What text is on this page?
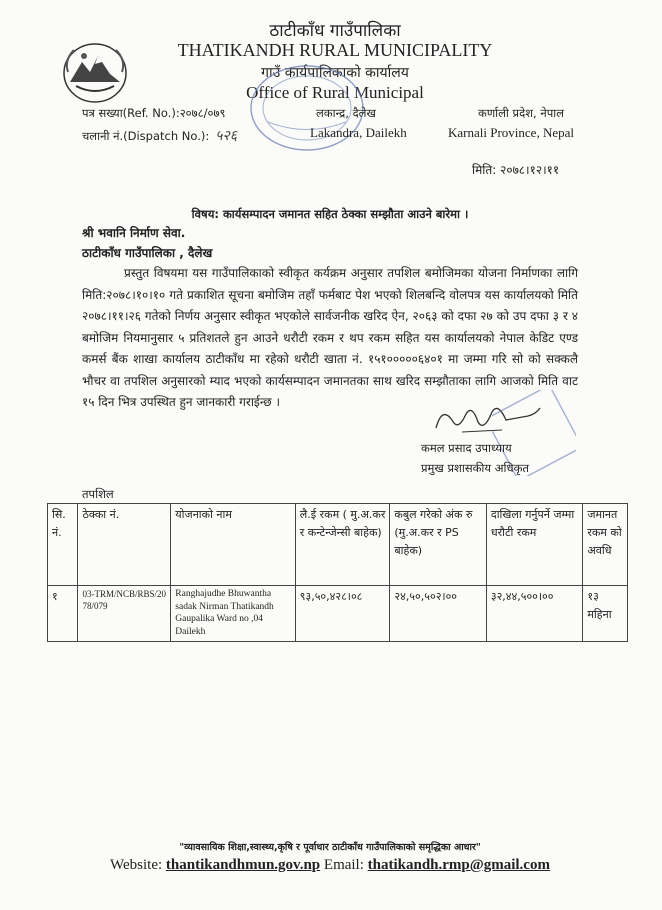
ठाटीकाँध गाउँपालिका
THATIKANDH RURAL MUNICIPALITY
गाउँ कार्यपालिकाको कार्यालय
Office of Rural Municipal
पत्र सख्या(Ref. No.):२०७८/०७९
चलानी नं.(Dispatch No.): ५२६
लकान्द्र, दैलेख
Lakandra, Dailekh
कर्णाली प्रदेश, नेपाल
Karnali Province, Nepal
मिति: २०७८।१२।११
विषय: कार्यसम्पादन जमानत सहित ठेक्का सम्झौता आउने बारेमा ।
श्री भवानि निर्माण सेवा.
ठाटीकाँध गाउँपालिका , दैलेख
प्रस्तुत विषयमा यस गाउँपालिकाको स्वीकृत कर्यक्रम अनुसार तपशिल बमोजिमका योजना निर्माणका लागि मिति:२०७८।१०।१० गते प्रकाशित सूचना बमोजिम तहाँ फर्मबाट पेश भएको शिलबन्दि वोलपत्र यस कार्यालयको मिति २०७८।११।२६ गतेको निर्णय अनुसार स्वीकृत भएकोले सार्वजनीक खरिद ऐन, २०६३ को दफा २७ को उप दफा ३ र ४ बमोजिम नियमानुसार ५ प्रतिशतले हुन आउने धरौटी रकम र थप रकम सहित यस कार्यालयको नेपाल केडिट एण्ड कमर्स बैंक शाखा कार्यालय ठाटीकाँध मा रहेको धरौटी खाता नं. १५१०००००६४०१ मा जम्मा गरि सो को सक्कलै भौचर वा तपशिल अनुसारको म्याद भएको कार्यसम्पादन जमानतका साथ खरिद सम्झौताका लागि आजको मिति वाट १५ दिन भित्र उपस्थित हुन जानकारी गराईन्छ ।
कमल प्रसाद उपाध्याय
प्रमुख प्रशासकीय अधिकृत
तपशिल
सि. नं.	ठेक्का नं.	योजनाको नाम	लै.ई रकम ( मु.अ.कर र कन्टेन्जेन्सी बाहेक)	कबुल गरेको अंक रु (मु.अ.कर र PS बाहेक)	दाखिला गर्नुपर्ने जम्मा धरौटी रकम	जमानत रकम को अवधि
१	03-TRM/NCB/RBS/2078/079	Ranghajudhe Bhuwantha sadak Nirman Thatikandh Gaupalika Ward no ,04 Dailekh	९३,५०,४२८।०८	२४,५०,५०२।००	३२,४४,५००।००	१३ महिना
"व्यावसायिक शिक्षा,स्वास्थ्य,कृषि र पूर्वाधार ठाटीकाँध गाउँपालिकाको समृद्धिका आधार"
Website: thantikandhmun.gov.np Email: thatikandh.rmp@gmail.com
